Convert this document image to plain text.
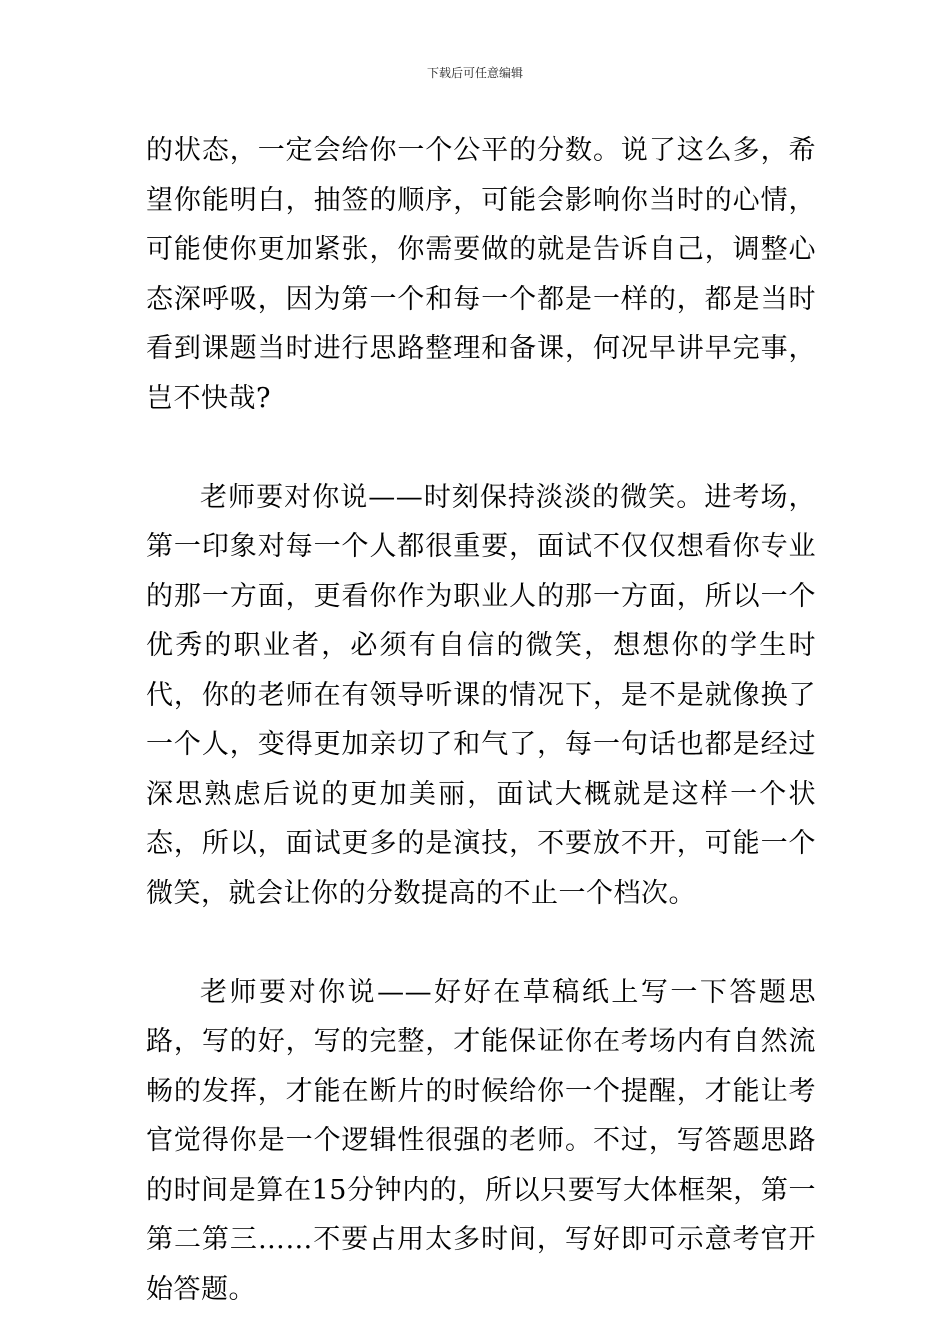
下载后可任意编辑

的状态，一定会给你一个公平的分数。说了这么多，希望你能明白，抽签的顺序，可能会影响你当时的心情，可能使你更加紧张，你需要做的就是告诉自己，调整心态深呼吸，因为第一个和每一个都是一样的，都是当时看到课题当时进行思路整理和备课，何况早讲早完事，岂不快哉?

老师要对你说——时刻保持淡淡的微笑。进考场，第一印象对每一个人都很重要，面试不仅仅想看你专业的那一方面，更看你作为职业人的那一方面，所以一个优秀的职业者，必须有自信的微笑，想想你的学生时代，你的老师在有领导听课的情况下，是不是就像换了一个人，变得更加亲切了和气了，每一句话也都是经过深思熟虑后说的更加美丽，面试大概就是这样一个状态，所以，面试更多的是演技，不要放不开，可能一个微笑，就会让你的分数提高的不止一个档次。

老师要对你说——好好在草稿纸上写一下答题思路，写的好，写的完整，才能保证你在考场内有自然流畅的发挥，才能在断片的时候给你一个提醒，才能让考官觉得你是一个逻辑性很强的老师。不过，写答题思路的时间是算在15分钟内的，所以只要写大体框架，第一第二第三……不要占用太多时间，写好即可示意考官开始答题。
